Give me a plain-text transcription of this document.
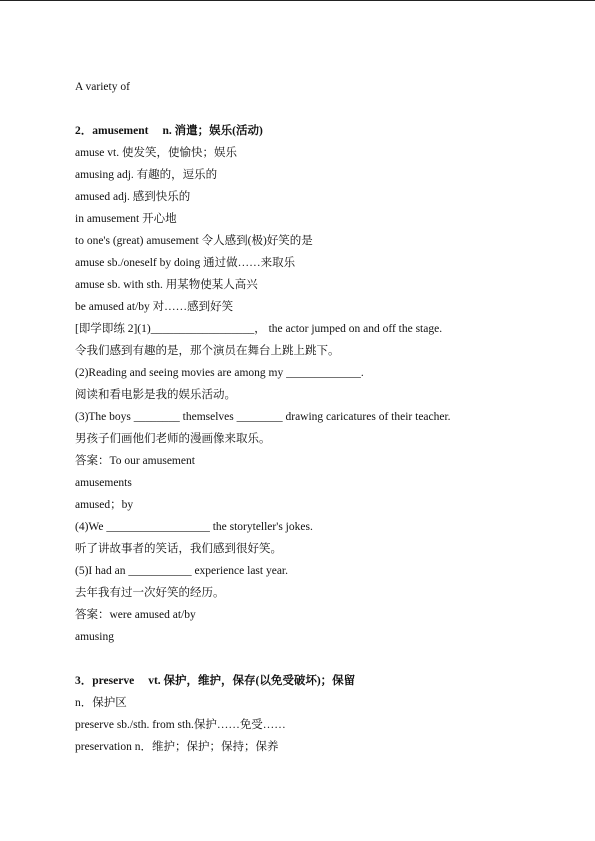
A variety of
2．amusement n. 消遣；娱乐(活动)
amuse vt. 使发笑，使愉快；娱乐
amusing adj. 有趣的，逗乐的
amused adj. 感到快乐的
in amusement 开心地
to one's (great) amusement 令人感到(极)好笑的是
amuse sb./oneself by doing 通过做……来取乐
amuse sb. with sth. 用某物使某人高兴
be amused at/by 对……感到好笑
[即学即练 2](1)__________________， the actor jumped on and off the stage.
令我们感到有趣的是，那个演员在舞台上跳上跳下。
(2)Reading and seeing movies are among my _____________.
阅读和看电影是我的娱乐活动。
(3)The boys ________ themselves ________ drawing caricatures of their teacher.
男孩子们画他们老师的漫画像来取乐。
答案：To our amusement
amusements
amused；by
(4)We __________________ the storyteller's jokes.
听了讲故事者的笑话，我们感到很好笑。
(5)I had an ___________ experience last year.
去年我有过一次好笑的经历。
答案：were amused at/by
amusing
3．preserve vt. 保护，维护，保存(以免受破坏)；保留
n．保护区
preserve sb./sth. from sth.保护……免受……
preservation n．维护；保护；保持；保养
